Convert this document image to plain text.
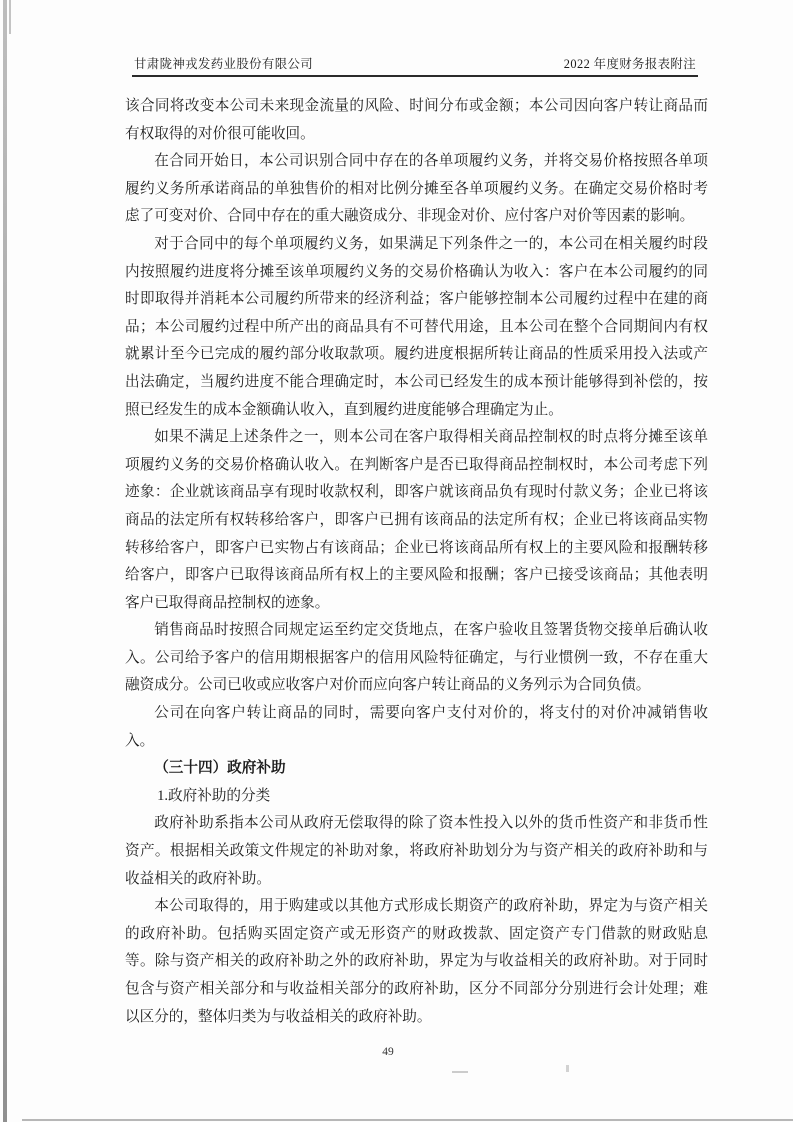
甘肃陇神戎发药业股份有限公司	2022 年度财务报表附注

该合同将改变本公司未来现金流量的风险、时间分布或金额；本公司因向客户转让商品而有权取得的对价很可能收回。

在合同开始日，本公司识别合同中存在的各单项履约义务，并将交易价格按照各单项履约义务所承诺商品的单独售价的相对比例分摊至各单项履约义务。在确定交易价格时考虑了可变对价、合同中存在的重大融资成分、非现金对价、应付客户对价等因素的影响。

对于合同中的每个单项履约义务，如果满足下列条件之一的，本公司在相关履约时段内按照履约进度将分摊至该单项履约义务的交易价格确认为收入：客户在本公司履约的同时即取得并消耗本公司履约所带来的经济利益；客户能够控制本公司履约过程中在建的商品；本公司履约过程中所产出的商品具有不可替代用途，且本公司在整个合同期间内有权就累计至今已完成的履约部分收取款项。履约进度根据所转让商品的性质采用投入法或产出法确定，当履约进度不能合理确定时，本公司已经发生的成本预计能够得到补偿的，按照已经发生的成本金额确认收入，直到履约进度能够合理确定为止。

如果不满足上述条件之一，则本公司在客户取得相关商品控制权的时点将分摊至该单项履约义务的交易价格确认收入。在判断客户是否已取得商品控制权时，本公司考虑下列迹象：企业就该商品享有现时收款权利，即客户就该商品负有现时付款义务；企业已将该商品的法定所有权转移给客户，即客户已拥有该商品的法定所有权；企业已将该商品实物转移给客户，即客户已实物占有该商品；企业已将该商品所有权上的主要风险和报酬转移给客户，即客户已取得该商品所有权上的主要风险和报酬；客户已接受该商品；其他表明客户已取得商品控制权的迹象。

销售商品时按照合同规定运至约定交货地点，在客户验收且签署货物交接单后确认收入。公司给予客户的信用期根据客户的信用风险特征确定，与行业惯例一致，不存在重大融资成分。公司已收或应收客户对价而应向客户转让商品的义务列示为合同负债。

公司在向客户转让商品的同时，需要向客户支付对价的，将支付的对价冲减销售收入。

（三十四）政府补助

1.政府补助的分类

政府补助系指本公司从政府无偿取得的除了资本性投入以外的货币性资产和非货币性资产。根据相关政策文件规定的补助对象，将政府补助划分为与资产相关的政府补助和与收益相关的政府补助。

本公司取得的，用于购建或以其他方式形成长期资产的政府补助，界定为与资产相关的政府补助。包括购买固定资产或无形资产的财政拨款、固定资产专门借款的财政贴息等。除与资产相关的政府补助之外的政府补助，界定为与收益相关的政府补助。对于同时包含与资产相关部分和与收益相关部分的政府补助，区分不同部分分别进行会计处理；难以区分的，整体归类为与收益相关的政府补助。

49
